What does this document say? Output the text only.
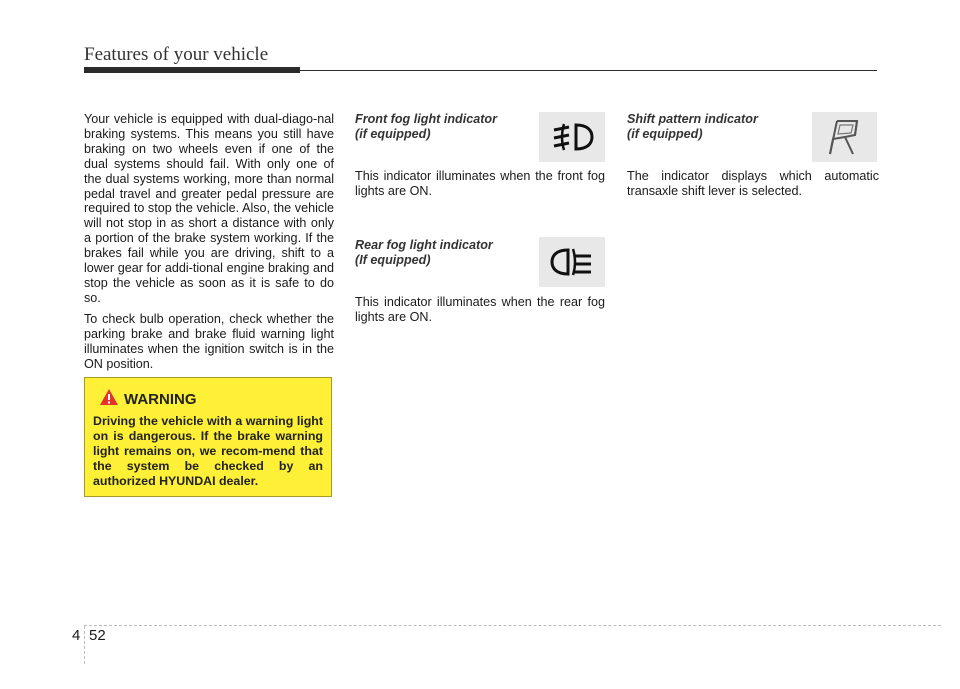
Features of your vehicle

Your vehicle is equipped with dual-diago-nal braking systems. This means you still have braking on two wheels even if one of the dual systems should fail. With only one of the dual systems working, more than normal pedal travel and greater pedal pressure are required to stop the vehicle. Also, the vehicle will not stop in as short a distance with only a portion of the brake system working. If the brakes fail while you are driving, shift to a lower gear for addi-tional engine braking and stop the vehicle as soon as it is safe to do so.

To check bulb operation, check whether the parking brake and brake fluid warning light illuminates when the ignition switch is in the ON position.

WARNING
Driving the vehicle with a warning light on is dangerous. If the brake warning light remains on, we recom-mend that the system be checked by an authorized HYUNDAI dealer.
Front fog light indicator
(if equipped)
This indicator illuminates when the front fog lights are ON.
Rear fog light indicator
(If equipped)
This indicator illuminates when the rear fog lights are ON.
Shift pattern indicator
(if equipped)
The indicator displays which automatic transaxle shift lever is selected.
4 52
